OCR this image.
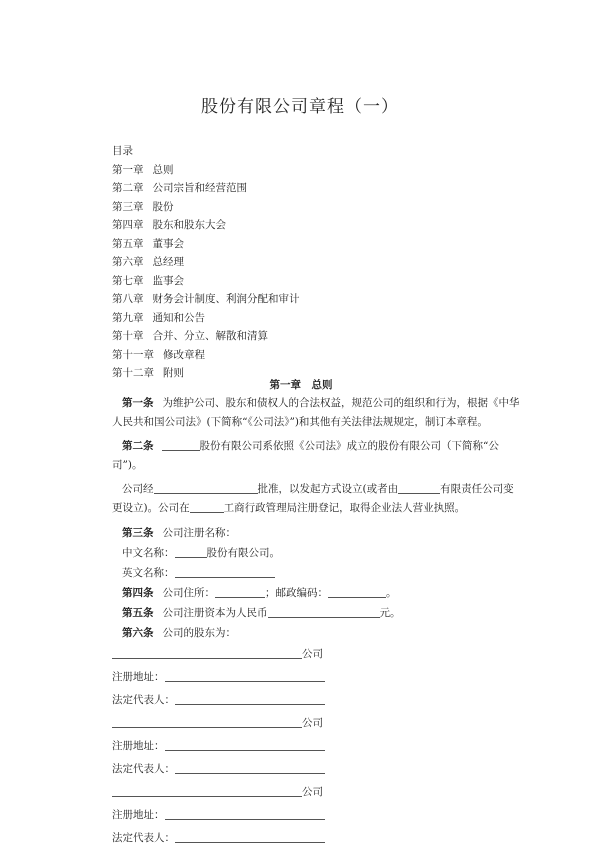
股份有限公司章程（一）
目录
第一章 总则
第二章 公司宗旨和经营范围
第三章 股份
第四章 股东和股东大会
第五章 董事会
第六章 总经理
第七章 监事会
第八章 财务会计制度、利润分配和审计
第九章 通知和公告
第十章 合并、分立、解散和清算
第十一章 修改章程
第十二章 附则
第一章　总则
第一条 为维护公司、股东和债权人的合法权益，规范公司的组织和行为，根据《中华
人民共和国公司法》(下简称“《公司法》”)和其他有关法律法规规定，制订本章程。
第二条	股份有限公司系依照《公司法》成立的股份有限公司（下简称“公
司”)。
公司经	批准，以发起方式设立(或者由	有限责任公司变
更设立)。公司在	工商行政管理局注册登记，取得企业法人营业执照。
第三条 公司注册名称：
中文名称：	股份有限公司。
英文名称：
第四条 公司住所：	；邮政编码：	。
第五条 公司注册资本为人民币	元。
第六条 公司的股东为：
公司
注册地址：
法定代表人：
公司
注册地址：
法定代表人：
公司
注册地址：
法定代表人：
